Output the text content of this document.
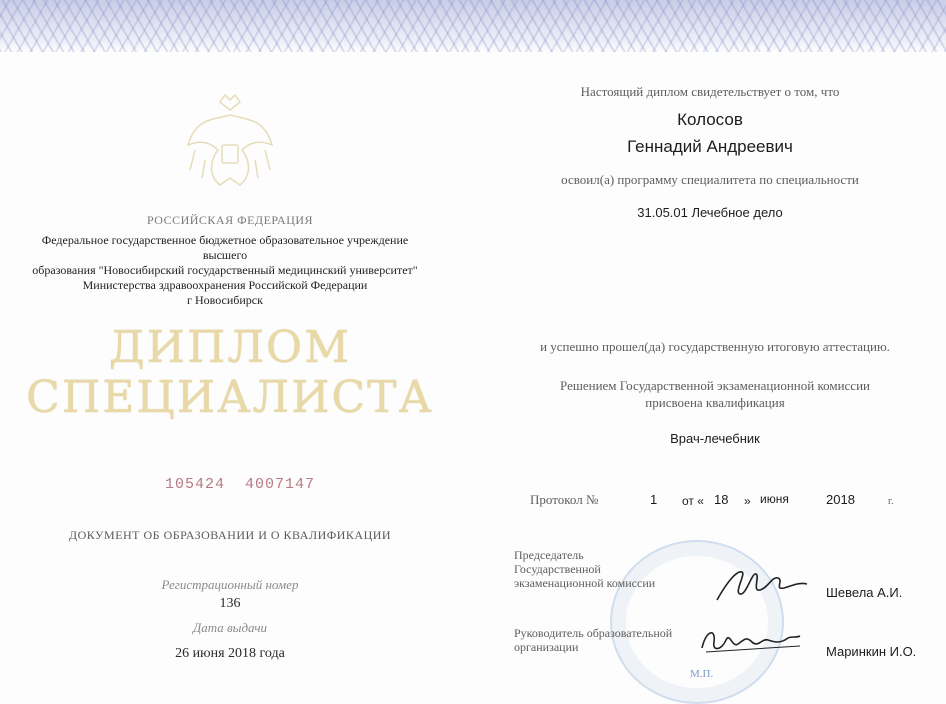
РОССИЙСКАЯ ФЕДЕРАЦИЯ
Федеральное государственное бюджетное образовательное учреждение высшего
образования "Новосибирский государственный медицинский университет"
Министерства здравоохранения Российской Федерации
г Новосибирск
ДИПЛОМ
СПЕЦИАЛИСТА
105424  4007147
ДОКУМЕНТ ОБ ОБРАЗОВАНИИ И О КВАЛИФИКАЦИИ
Регистрационный номер
136
Дата выдачи
26 июня 2018 года
Настоящий диплом свидетельствует о том, что
Колосов
Геннадий Андреевич
освоил(а) программу специалитета по специальности
31.05.01 Лечебное дело
и успешно прошел(да) государственную итоговую аттестацию.
Решением Государственной экзаменационной комиссии
присвоена квалификация
Врач-лечебник
Протокол №	1 от « 18 » июня	2018	г.
М.П.
Председатель
Государственной
экзаменационной комиссии
Шевела А.И.
Руководитель образовательной
организации	Маринкин И.О.
